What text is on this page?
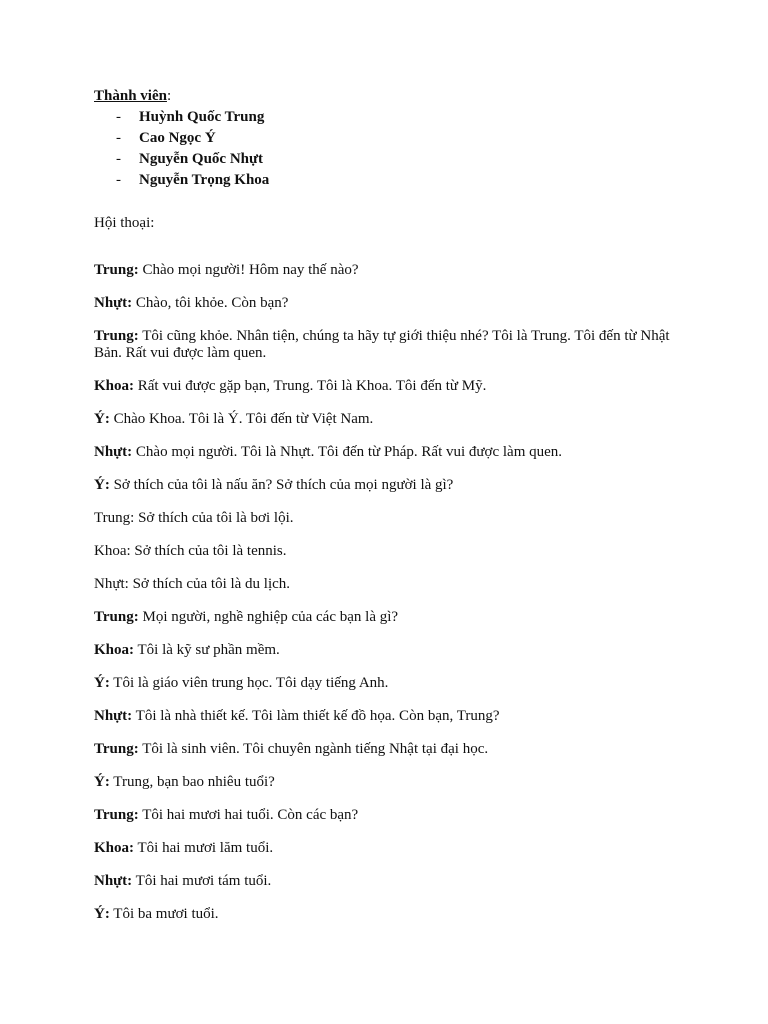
Thành viên:

- Huỳnh Quốc Trung
- Cao Ngọc Ý
- Nguyễn Quốc Nhựt
- Nguyễn Trọng Khoa

Hội thoại:

Trung: Chào mọi người! Hôm nay thế nào?

Nhựt: Chào, tôi khỏe. Còn bạn?

Trung: Tôi cũng khỏe. Nhân tiện, chúng ta hãy tự giới thiệu nhé? Tôi là Trung. Tôi đến từ Nhật Bản. Rất vui được làm quen.

Khoa: Rất vui được gặp bạn, Trung. Tôi là Khoa. Tôi đến từ Mỹ.

Ý: Chào Khoa. Tôi là Ý. Tôi đến từ Việt Nam.

Nhựt: Chào mọi người. Tôi là Nhựt. Tôi đến từ Pháp. Rất vui được làm quen.

Ý: Sở thích của tôi là nấu ăn? Sở thích của mọi người là gì?

Trung: Sở thích của tôi là bơi lội.

Khoa: Sở thích của tôi là tennis.

Nhựt: Sở thích của tôi là du lịch.

Trung: Mọi người, nghề nghiệp của các bạn là gì?

Khoa: Tôi là kỹ sư phần mềm.

Ý: Tôi là giáo viên trung học. Tôi dạy tiếng Anh.

Nhựt: Tôi là nhà thiết kế. Tôi làm thiết kế đồ họa. Còn bạn, Trung?

Trung: Tôi là sinh viên. Tôi chuyên ngành tiếng Nhật tại đại học.

Ý: Trung, bạn bao nhiêu tuổi?

Trung: Tôi hai mươi hai tuổi. Còn các bạn?

Khoa: Tôi hai mươi lăm tuổi.

Nhựt: Tôi hai mươi tám tuổi.

Ý: Tôi ba mươi tuổi.
